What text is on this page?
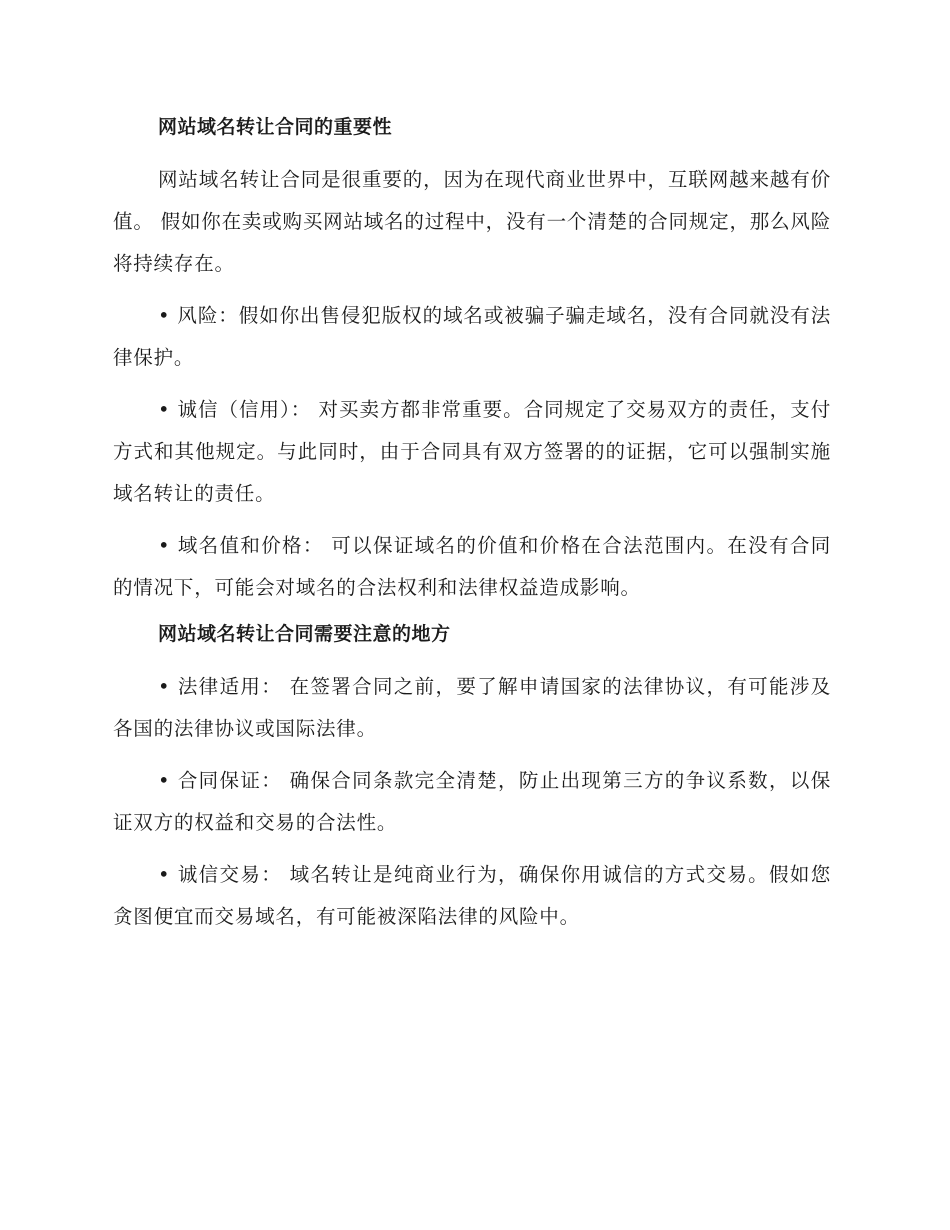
网站域名转让合同的重要性

网站域名转让合同是很重要的，因为在现代商业世界中，互联网越来越有价值。 假如你在卖或购买网站域名的过程中，没有一个清楚的合同规定，那么风险将持续存在。

• 风险：假如你出售侵犯版权的域名或被骗子骗走域名，没有合同就没有法律保护。

• 诚信（信用）： 对买卖方都非常重要。合同规定了交易双方的责任，支付方式和其他规定。与此同时，由于合同具有双方签署的的证据，它可以强制实施域名转让的责任。

• 域名值和价格： 可以保证域名的价值和价格在合法范围内。在没有合同的情况下，可能会对域名的合法权利和法律权益造成影响。

网站域名转让合同需要注意的地方

• 法律适用： 在签署合同之前，要了解申请国家的法律协议，有可能涉及各国的法律协议或国际法律。

• 合同保证： 确保合同条款完全清楚，防止出现第三方的争议系数，以保证双方的权益和交易的合法性。

• 诚信交易： 域名转让是纯商业行为，确保你用诚信的方式交易。假如您贪图便宜而交易域名，有可能被深陷法律的风险中。
